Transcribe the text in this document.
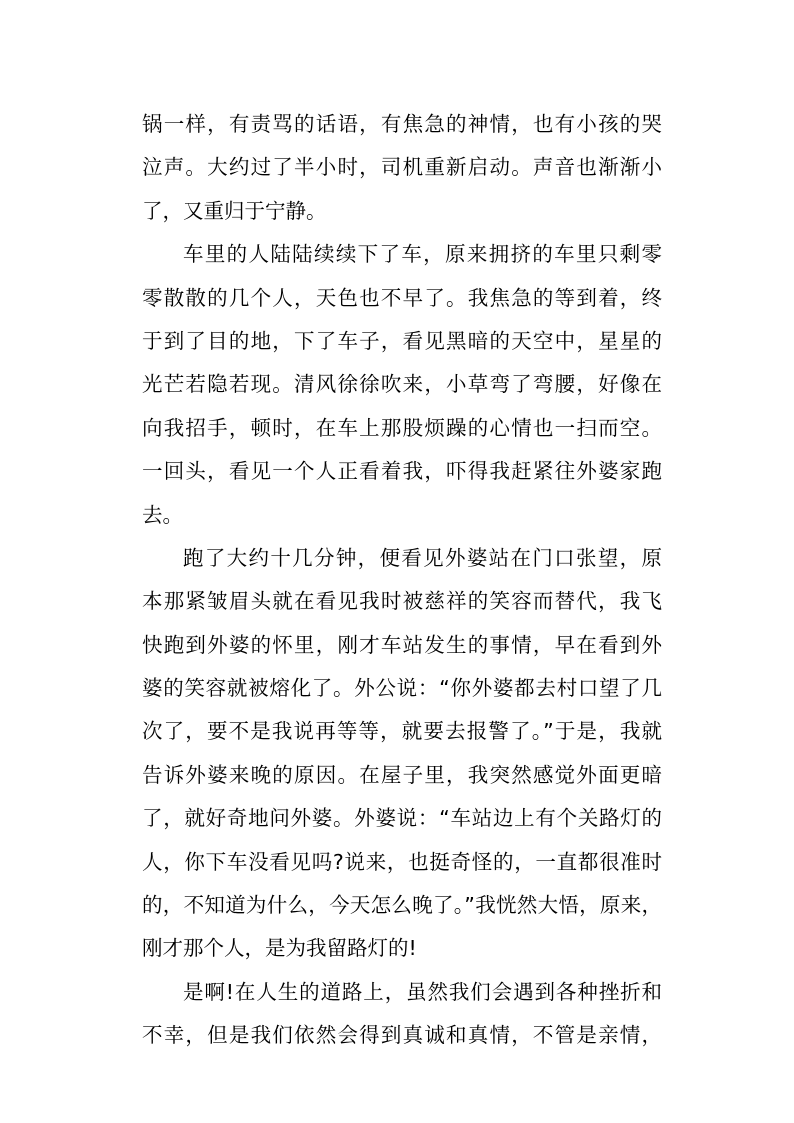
锅一样，有责骂的话语，有焦急的神情，也有小孩的哭
泣声。大约过了半小时，司机重新启动。声音也渐渐小
了，又重归于宁静。
车里的人陆陆续续下了车，原来拥挤的车里只剩零
零散散的几个人，天色也不早了。我焦急的等到着，终
于到了目的地，下了车子，看见黑暗的天空中，星星的
光芒若隐若现。清风徐徐吹来，小草弯了弯腰，好像在
向我招手，顿时，在车上那股烦躁的心情也一扫而空。
一回头，看见一个人正看着我，吓得我赶紧往外婆家跑
去。
跑了大约十几分钟，便看见外婆站在门口张望，原
本那紧皱眉头就在看见我时被慈祥的笑容而替代，我飞
快跑到外婆的怀里，刚才车站发生的事情，早在看到外
婆的笑容就被熔化了。外公说：“你外婆都去村口望了几
次了，要不是我说再等等，就要去报警了。”于是，我就
告诉外婆来晚的原因。在屋子里，我突然感觉外面更暗
了，就好奇地问外婆。外婆说：“车站边上有个关路灯的
人，你下车没看见吗?说来，也挺奇怪的，一直都很准时
的，不知道为什么，今天怎么晚了。”我恍然大悟，原来，
刚才那个人，是为我留路灯的!
是啊!在人生的道路上，虽然我们会遇到各种挫折和
不幸，但是我们依然会得到真诚和真情，不管是亲情，
